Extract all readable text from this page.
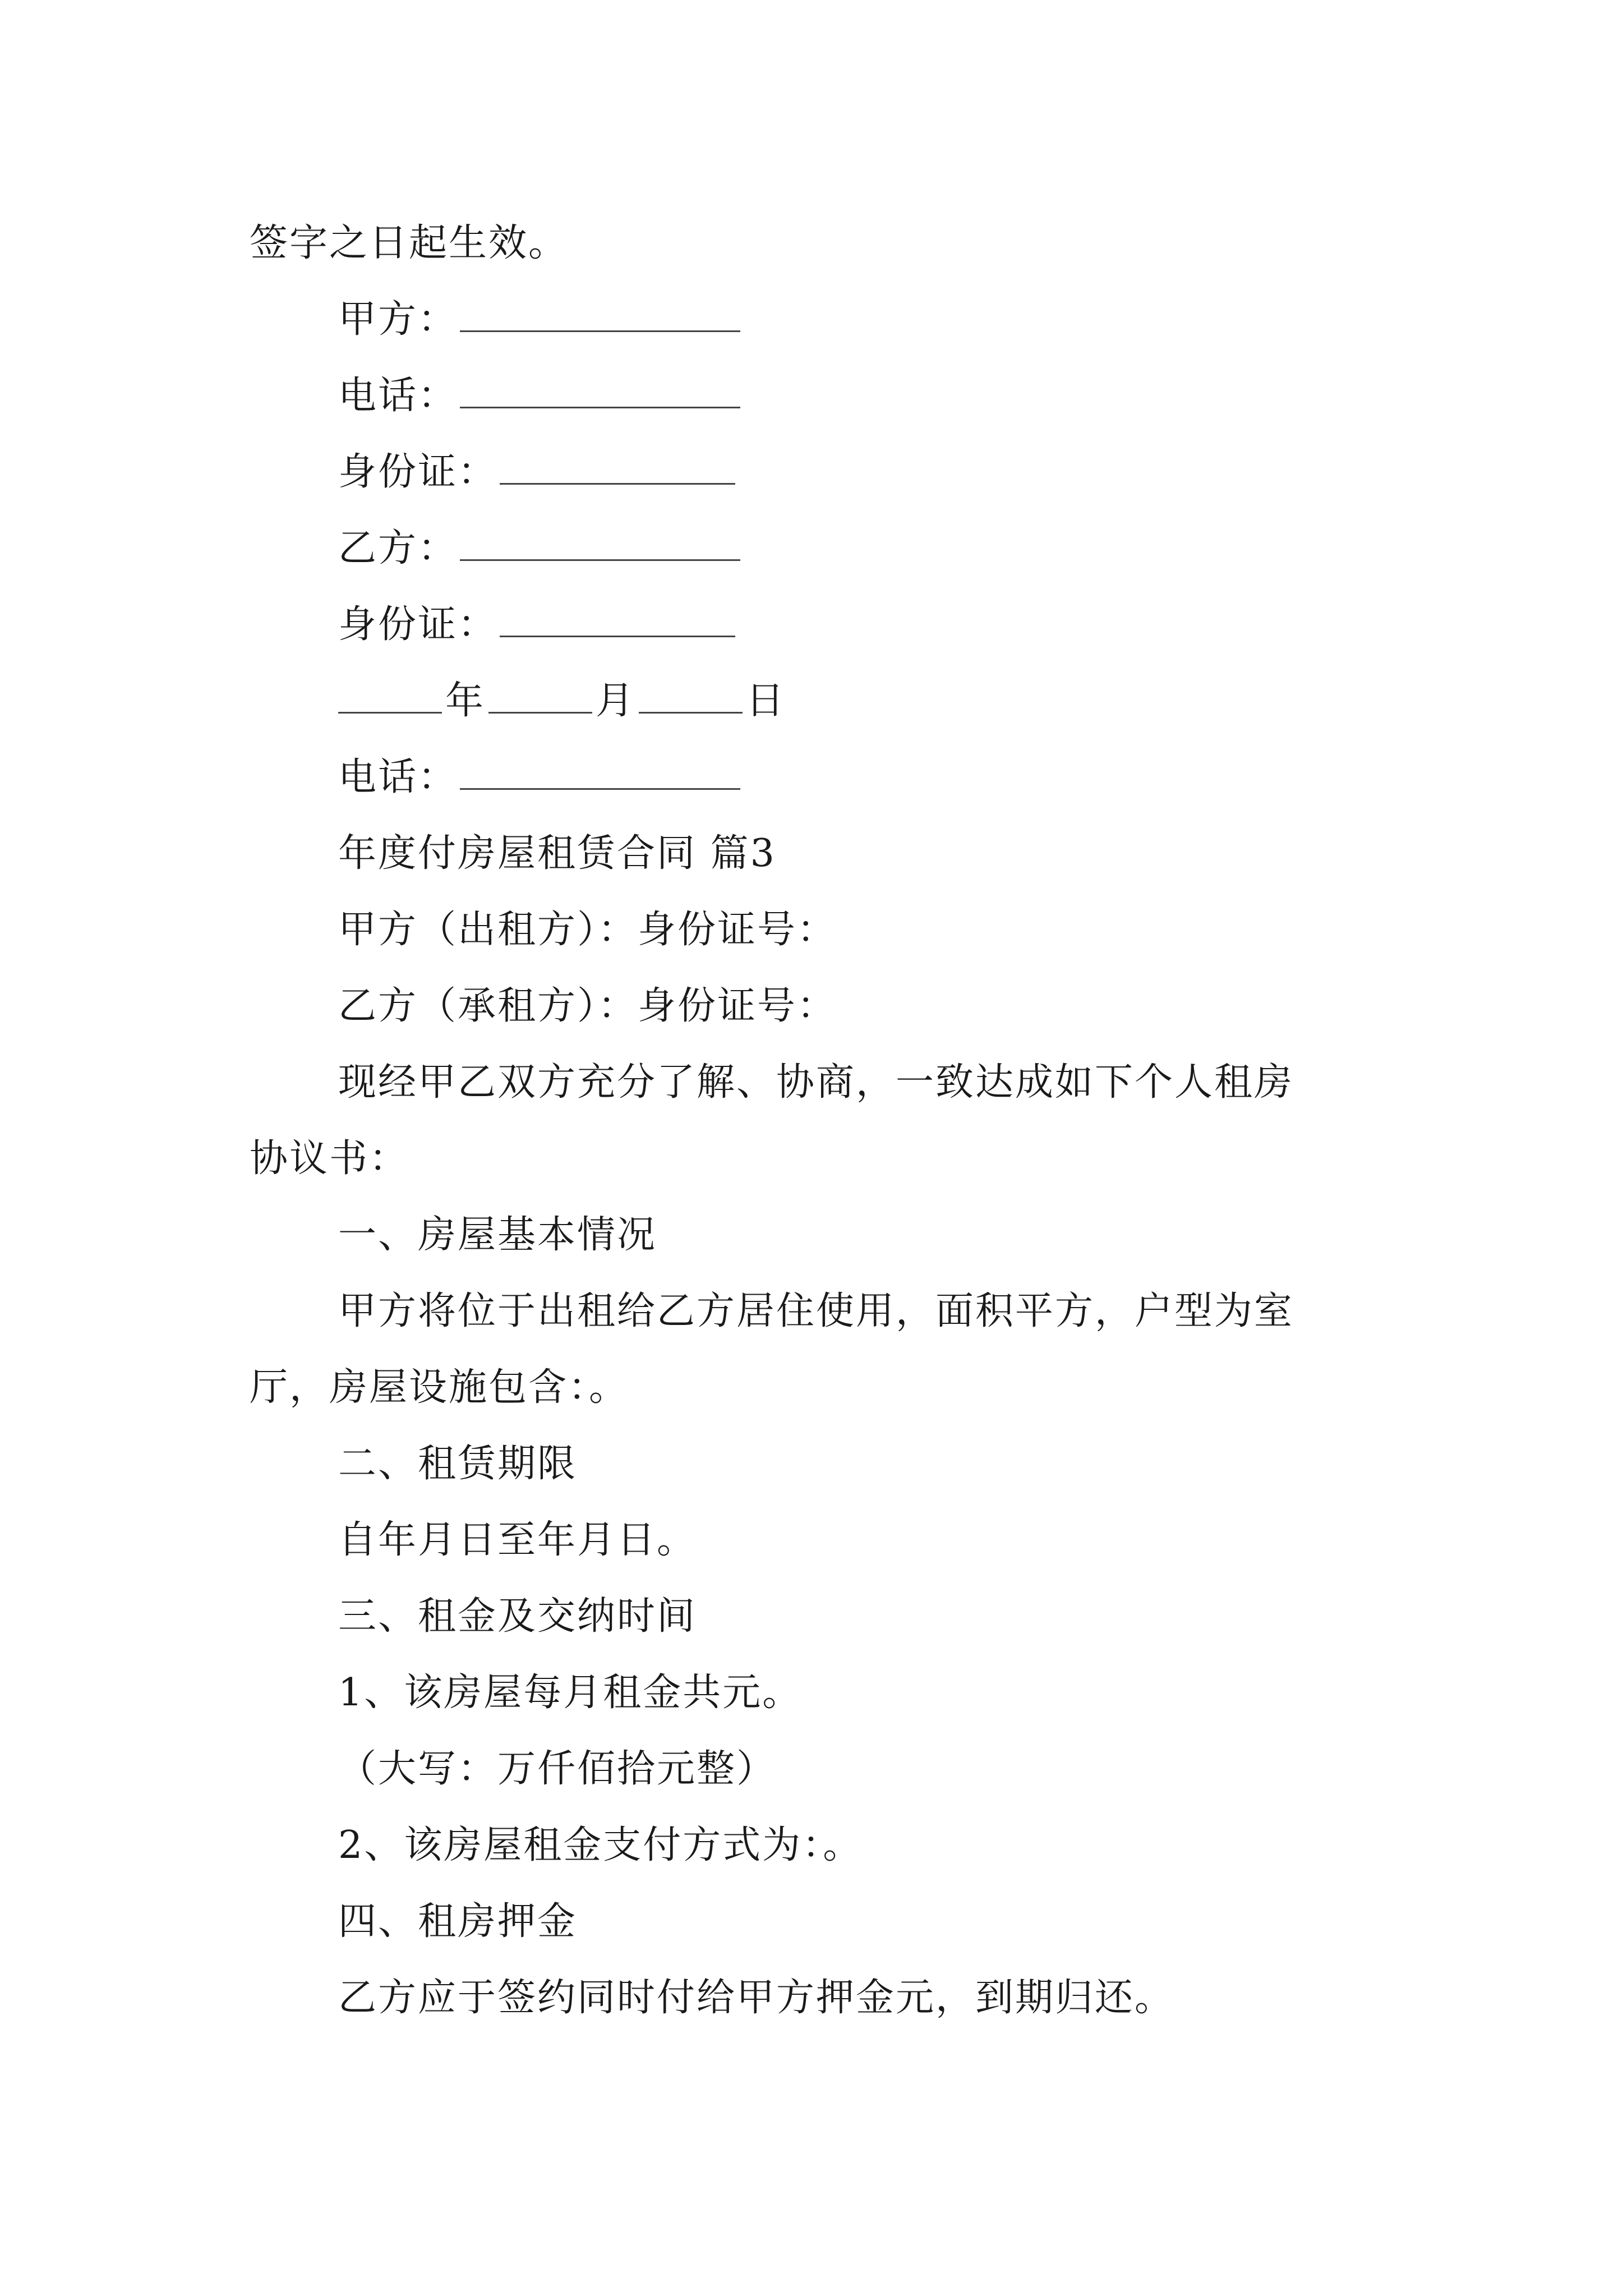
签字之日起生效。
甲方：
电话：
身份证：
乙方：
身份证：
年	月	日
电话：
年度付房屋租赁合同 篇3
甲方（出租方）：身份证号：
乙方（承租方）：身份证号：
现经甲乙双方充分了解、协商，一致达成如下个人租房
协议书：
一、房屋基本情况
甲方将位于出租给乙方居住使用，面积平方，户型为室
厅，房屋设施包含：。
二、租赁期限
自年月日至年月日。
三、租金及交纳时间
1、该房屋每月租金共元。
（大写：万仟佰拾元整）
2、该房屋租金支付方式为：。
四、租房押金
乙方应于签约同时付给甲方押金元，到期归还。
